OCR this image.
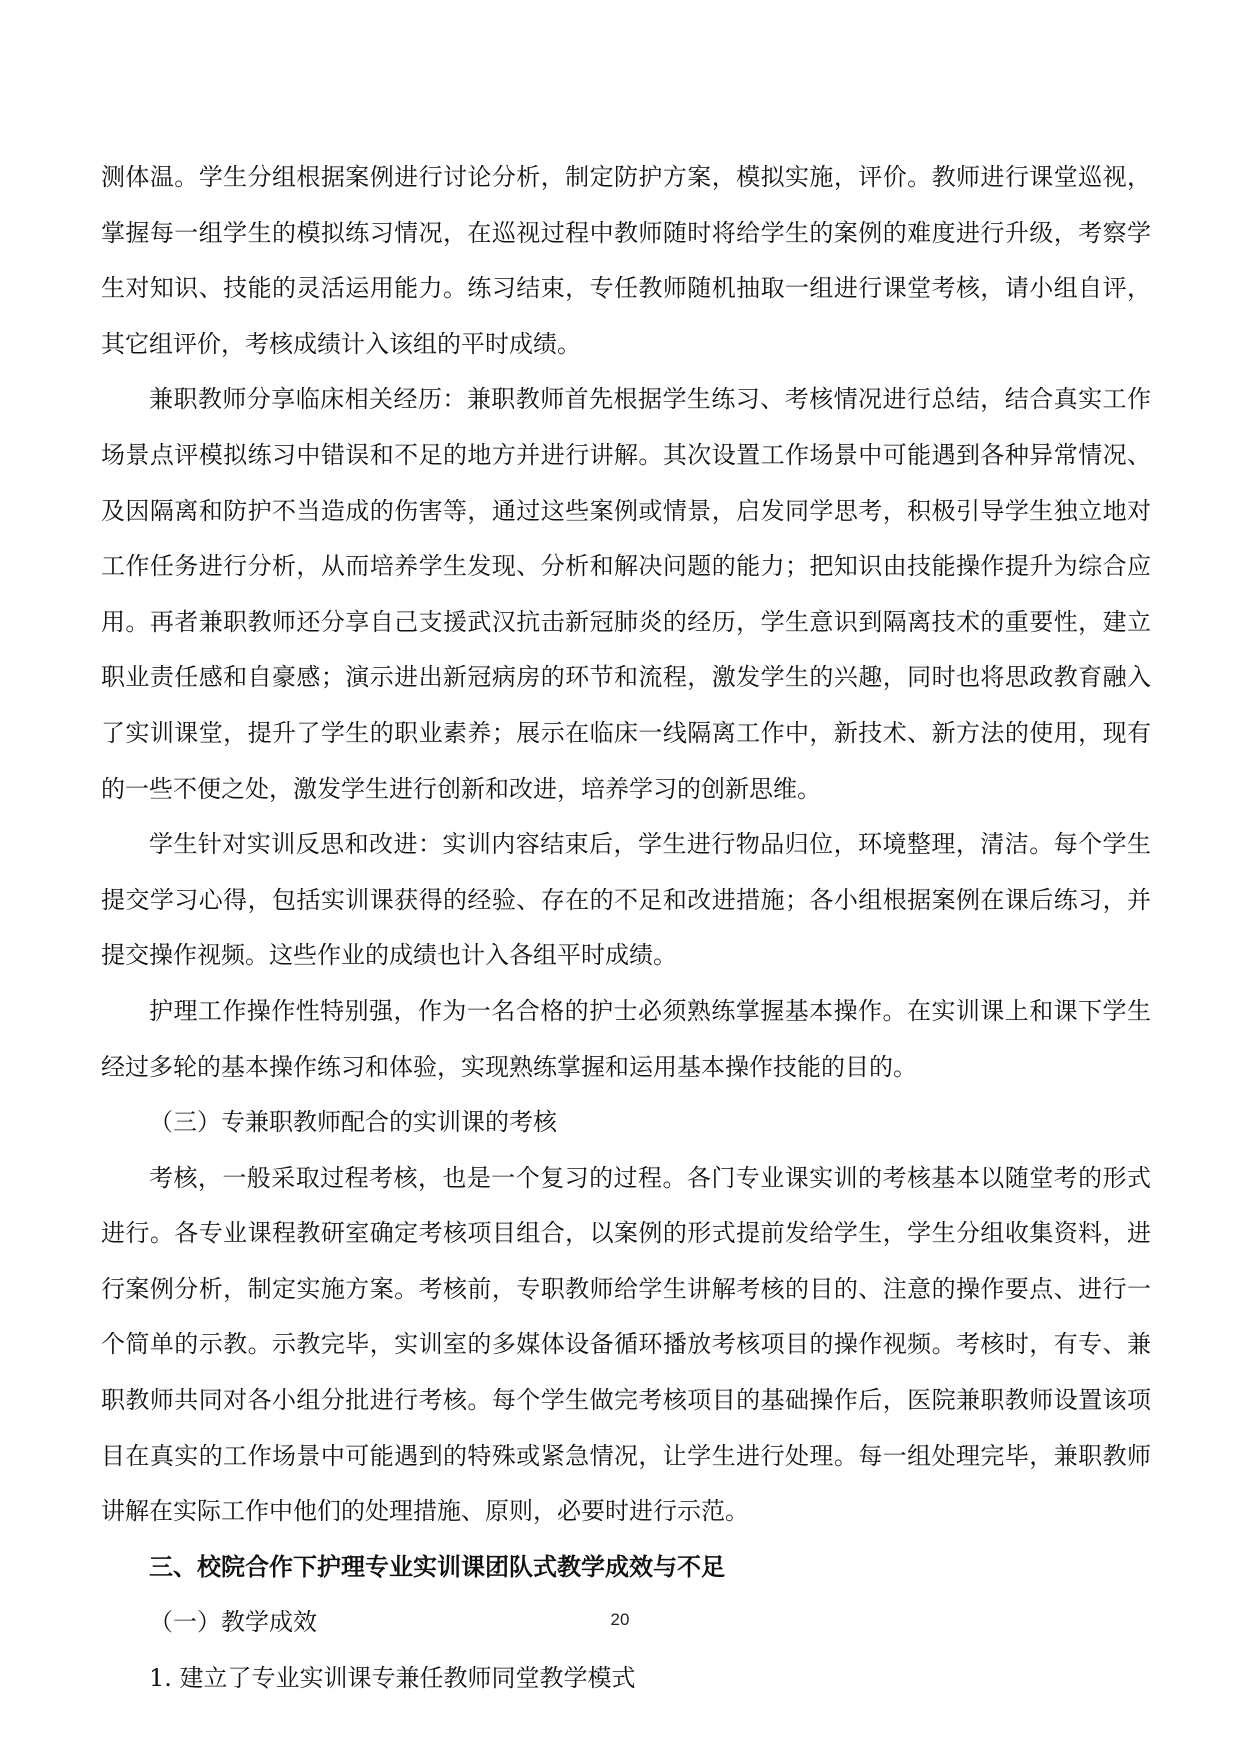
测体温。学生分组根据案例进行讨论分析，制定防护方案，模拟实施，评价。教师进行课堂巡视，掌握每一组学生的模拟练习情况，在巡视过程中教师随时将给学生的案例的难度进行升级，考察学生对知识、技能的灵活运用能力。练习结束，专任教师随机抽取一组进行课堂考核，请小组自评，其它组评价，考核成绩计入该组的平时成绩。

兼职教师分享临床相关经历：兼职教师首先根据学生练习、考核情况进行总结，结合真实工作场景点评模拟练习中错误和不足的地方并进行讲解。其次设置工作场景中可能遇到各种异常情况、及因隔离和防护不当造成的伤害等，通过这些案例或情景，启发同学思考，积极引导学生独立地对工作任务进行分析，从而培养学生发现、分析和解决问题的能力；把知识由技能操作提升为综合应用。再者兼职教师还分享自己支援武汉抗击新冠肺炎的经历，学生意识到隔离技术的重要性，建立职业责任感和自豪感；演示进出新冠病房的环节和流程，激发学生的兴趣，同时也将思政教育融入了实训课堂，提升了学生的职业素养；展示在临床一线隔离工作中，新技术、新方法的使用，现有的一些不便之处，激发学生进行创新和改进，培养学习的创新思维。

学生针对实训反思和改进：实训内容结束后，学生进行物品归位，环境整理，清洁。每个学生提交学习心得，包括实训课获得的经验、存在的不足和改进措施；各小组根据案例在课后练习，并提交操作视频。这些作业的成绩也计入各组平时成绩。

护理工作操作性特别强，作为一名合格的护士必须熟练掌握基本操作。在实训课上和课下学生经过多轮的基本操作练习和体验，实现熟练掌握和运用基本操作技能的目的。

（三）专兼职教师配合的实训课的考核

考核，一般采取过程考核，也是一个复习的过程。各门专业课实训的考核基本以随堂考的形式进行。各专业课程教研室确定考核项目组合，以案例的形式提前发给学生，学生分组收集资料，进行案例分析，制定实施方案。考核前，专职教师给学生讲解考核的目的、注意的操作要点、进行一个简单的示教。示教完毕，实训室的多媒体设备循环播放考核项目的操作视频。考核时，有专、兼职教师共同对各小组分批进行考核。每个学生做完考核项目的基础操作后，医院兼职教师设置该项目在真实的工作场景中可能遇到的特殊或紧急情况，让学生进行处理。每一组处理完毕，兼职教师讲解在实际工作中他们的处理措施、原则，必要时进行示范。

三、校院合作下护理专业实训课团队式教学成效与不足

（一）教学成效

1. 建立了专业实训课专兼任教师同堂教学模式

20
